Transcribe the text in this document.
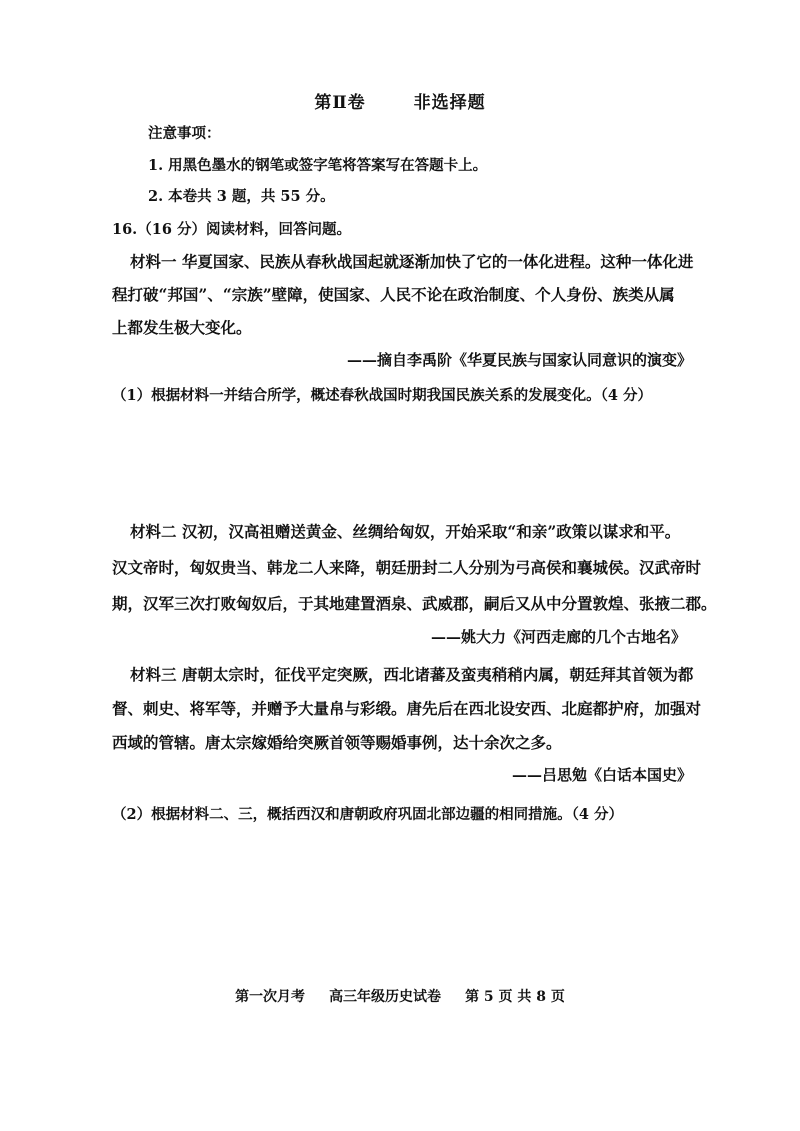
第Ⅱ卷	非选择题
注意事项：
1. 用黑色墨水的钢笔或签字笔将答案写在答题卡上。
2. 本卷共 3 题，共 55 分。
16.（16 分）阅读材料，回答问题。
材料一 华夏国家、民族从春秋战国起就逐渐加快了它的一体化进程。这种一体化进
程打破“邦国”、“宗族”壁障，使国家、人民不论在政治制度、个人身份、族类从属
上都发生极大变化。
——摘自李禹阶《华夏民族与国家认同意识的演变》
（1）根据材料一并结合所学，概述春秋战国时期我国民族关系的发展变化。（4 分）
材料二 汉初，汉高祖赠送黄金、丝绸给匈奴，开始采取“和亲”政策以谋求和平。
汉文帝时，匈奴贵当、韩龙二人来降，朝廷册封二人分别为弓高侯和襄城侯。汉武帝时
期，汉军三次打败匈奴后，于其地建置酒泉、武威郡，嗣后又从中分置敦煌、张掖二郡。
——姚大力《河西走廊的几个古地名》
材料三 唐朝太宗时，征伐平定突厥，西北诸蕃及蛮夷稍稍内属，朝廷拜其首领为都
督、刺史、将军等，并赠予大量帛与彩缎。唐先后在西北设安西、北庭都护府，加强对
西域的管辖。唐太宗嫁婚给突厥首领等赐婚事例，达十余次之多。
——吕思勉《白话本国史》
（2）根据材料二、三，概括西汉和唐朝政府巩固北部边疆的相同措施。（4 分）
第一次月考 高三年级历史试卷 第 5 页 共 8 页
